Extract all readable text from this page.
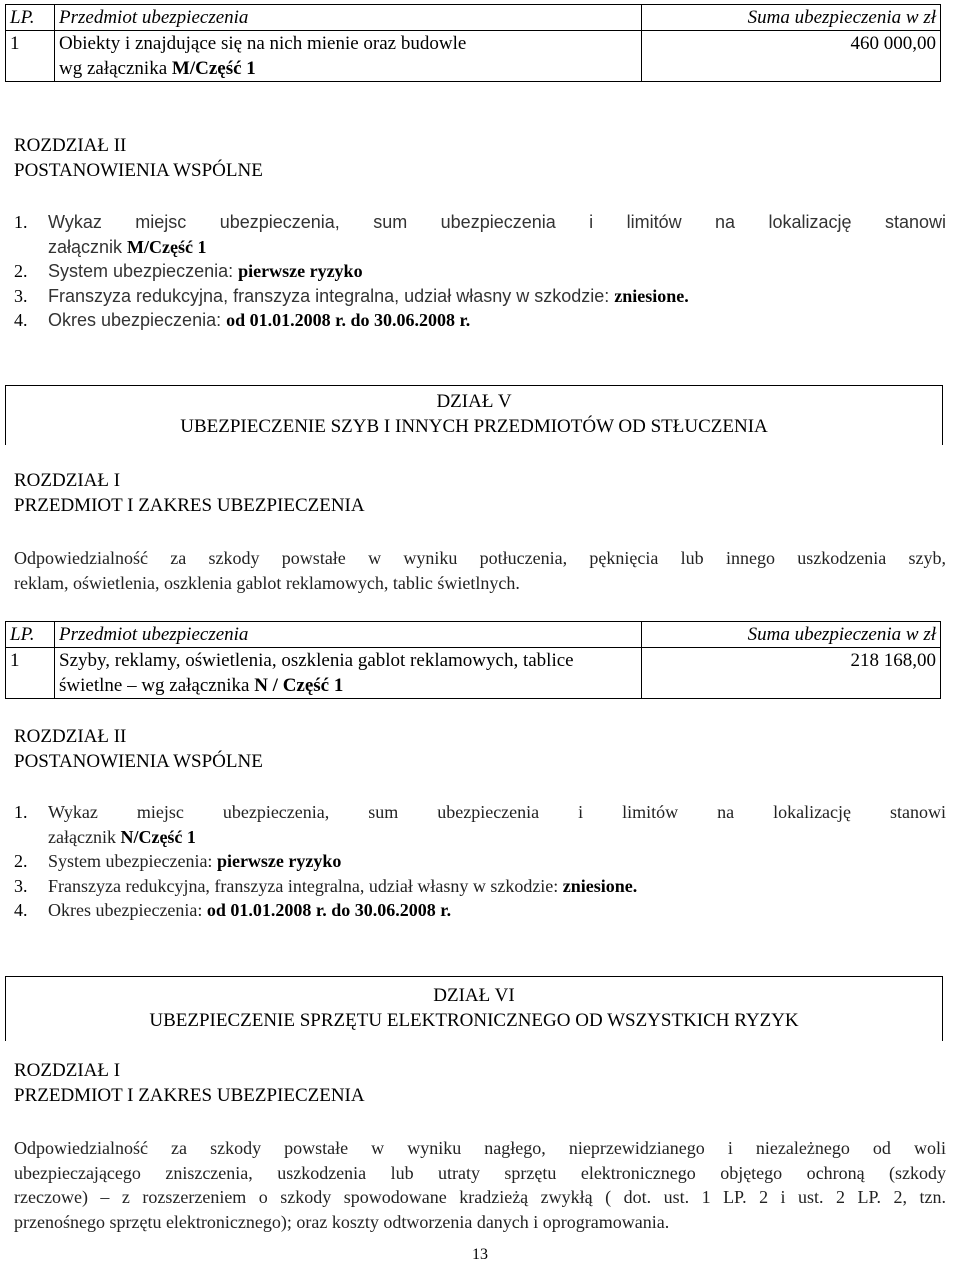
LP.	Przedmiot ubezpieczenia	Suma ubezpieczenia w zł
1	Obiekty i znajdujące się na nich mienie oraz budowle
wg załącznika M/Część 1	460 000,00
ROZDZIAŁ II
POSTANOWIENIA WSPÓLNE
1.	Wykaz miejsc ubezpieczenia, sum ubezpieczenia i limitów na lokalizację stanowi
załącznik M/Część 1
2.	System ubezpieczenia: pierwsze ryzyko
3.	Franszyza redukcyjna, franszyza integralna, udział własny w szkodzie: zniesione.
4.	Okres ubezpieczenia: od 01.01.2008 r. do 30.06.2008 r.
DZIAŁ V
UBEZPIECZENIE SZYB I INNYCH PRZEDMIOTÓW OD STŁUCZENIA
ROZDZIAŁ I
PRZEDMIOT I ZAKRES UBEZPIECZENIA
Odpowiedzialność za szkody powstałe w wyniku potłuczenia, pęknięcia lub innego uszkodzenia szyb,
reklam, oświetlenia, oszklenia gablot reklamowych, tablic świetlnych.
LP.	Przedmiot ubezpieczenia	Suma ubezpieczenia w zł
1	Szyby, reklamy, oświetlenia, oszklenia gablot reklamowych, tablice
świetlne – wg załącznika N / Część 1	218 168,00
ROZDZIAŁ II
POSTANOWIENIA WSPÓLNE
1.	Wykaz miejsc ubezpieczenia, sum ubezpieczenia i limitów na lokalizację stanowi
załącznik N/Część 1
2.	System ubezpieczenia: pierwsze ryzyko
3.	Franszyza redukcyjna, franszyza integralna, udział własny w szkodzie: zniesione.
4.	Okres ubezpieczenia: od 01.01.2008 r. do 30.06.2008 r.
DZIAŁ VI
UBEZPIECZENIE SPRZĘTU ELEKTRONICZNEGO OD WSZYSTKICH RYZYK
ROZDZIAŁ I
PRZEDMIOT I ZAKRES UBEZPIECZENIA
Odpowiedzialność za szkody powstałe w wyniku nagłego, nieprzewidzianego i niezależnego od woli
ubezpieczającego zniszczenia, uszkodzenia lub utraty sprzętu elektronicznego objętego ochroną (szkody
rzeczowe) – z rozszerzeniem o szkody spowodowane kradzieżą zwykłą ( dot. ust. 1 LP. 2 i ust. 2 LP. 2, tzn.
przenośnego sprzętu elektronicznego); oraz koszty odtworzenia danych i oprogramowania.
13
